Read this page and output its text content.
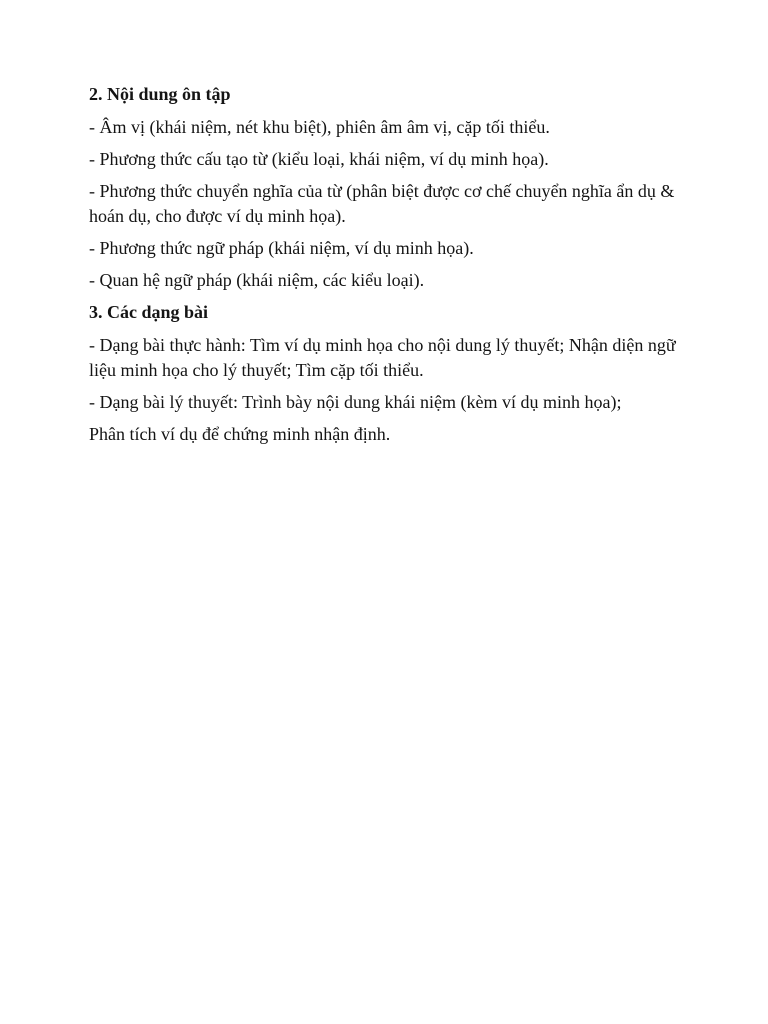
2. Nội dung ôn tập

- Âm vị (khái niệm, nét khu biệt), phiên âm âm vị, cặp tối thiểu.

- Phương thức cấu tạo từ (kiểu loại, khái niệm, ví dụ minh họa).

- Phương thức chuyển nghĩa của từ (phân biệt được cơ chế chuyển nghĩa ẩn dụ & hoán dụ, cho được ví dụ minh họa).

- Phương thức ngữ pháp (khái niệm, ví dụ minh họa).

- Quan hệ ngữ pháp (khái niệm, các kiểu loại).

3. Các dạng bài

- Dạng bài thực hành: Tìm ví dụ minh họa cho nội dung lý thuyết; Nhận diện ngữ liệu minh họa cho lý thuyết; Tìm cặp tối thiểu.

- Dạng bài lý thuyết: Trình bày nội dung khái niệm (kèm ví dụ minh họa);

Phân tích ví dụ để chứng minh nhận định.
